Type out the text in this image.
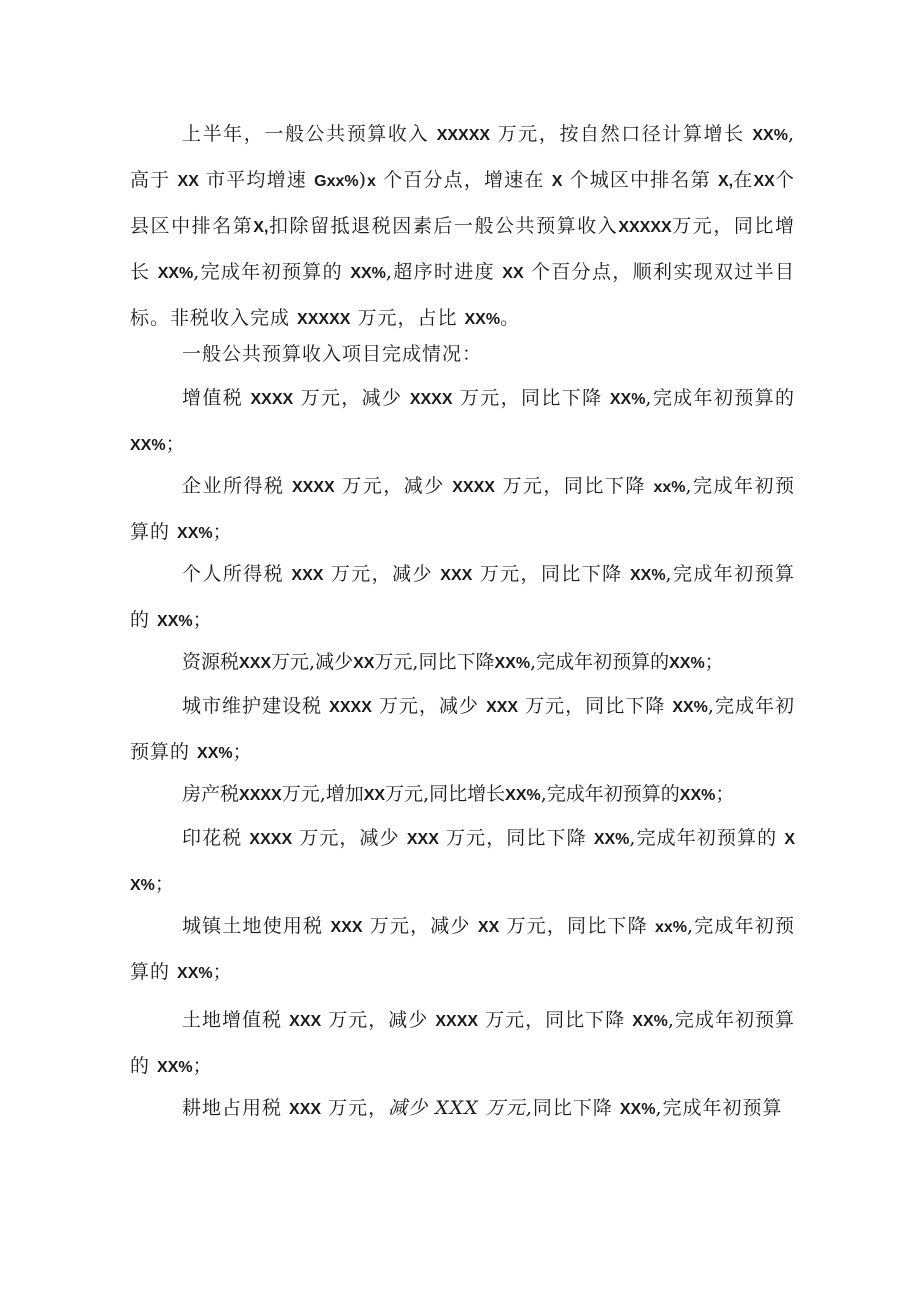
上半年，一般公共预算收入 XXXXX 万元，按自然口径计算增长 XX%,高于 XX 市平均增速 Gxx%)x 个百分点，增速在 X 个城区中排名第 X,在XX个县区中排名第X,扣除留抵退税因素后一般公共预算收入XXXXX万元，同比增长 XX%,完成年初预算的 XX%,超序时进度 XX 个百分点，顺利实现双过半目标。非税收入完成 XXXXX 万元，占比 XX%。

一般公共预算收入项目完成情况：

增值税 XXXX 万元，减少 XXXX 万元，同比下降 XX%,完成年初预算的 XX%；

企业所得税 XXXX 万元，减少 XXXX 万元，同比下降 xx%,完成年初预算的 XX%；

个人所得税 XXX 万元，减少 XXX 万元，同比下降 XX%,完成年初预算的 XX%；

资源税XXX万元,减少XX万元,同比下降XX%,完成年初预算的XX%；

城市维护建设税 XXXX 万元，减少 XXX 万元，同比下降 XX%,完成年初预算的 XX%；

房产税XXXX万元,增加XX万元,同比增长XX%,完成年初预算的XX%；

印花税 XXXX 万元，减少 XXX 万元，同比下降 XX%,完成年初预算的 XX%；

城镇土地使用税 XXX 万元，减少 XX 万元，同比下降 xx%,完成年初预算的 XX%；

土地增值税 XXX 万元，减少 XXXX 万元，同比下降 XX%,完成年初预算的 XX%；

耕地占用税 XXX 万元，减少 XXX 万元,同比下降 XX%,完成年初预算
